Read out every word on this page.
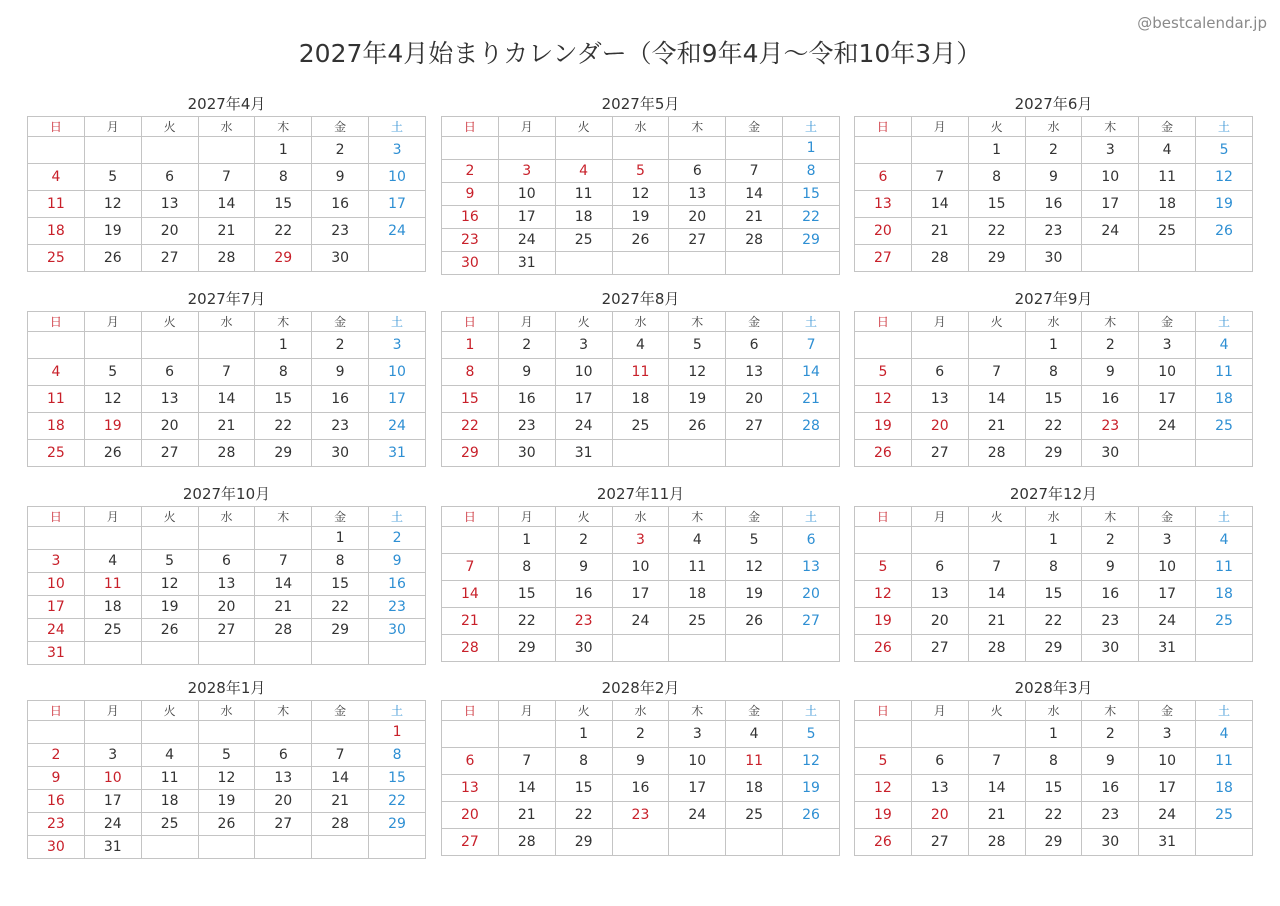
@bestcalendar.jp
2027年4月始まりカレンダー（令和9年4月〜令和10年3月）
2027年4月
日	月	火	水	木	金	土
				1	2	3
4	5	6	7	8	9	10
11	12	13	14	15	16	17
18	19	20	21	22	23	24
25	26	27	28	29	30	
2027年5月
日	月	火	水	木	金	土
						1
2	3	4	5	6	7	8
9	10	11	12	13	14	15
16	17	18	19	20	21	22
23	24	25	26	27	28	29
30	31					
2027年6月
日	月	火	水	木	金	土
		1	2	3	4	5
6	7	8	9	10	11	12
13	14	15	16	17	18	19
20	21	22	23	24	25	26
27	28	29	30			
2027年7月
日	月	火	水	木	金	土
				1	2	3
4	5	6	7	8	9	10
11	12	13	14	15	16	17
18	19	20	21	22	23	24
25	26	27	28	29	30	31
2027年8月
日	月	火	水	木	金	土
1	2	3	4	5	6	7
8	9	10	11	12	13	14
15	16	17	18	19	20	21
22	23	24	25	26	27	28
29	30	31				
2027年9月
日	月	火	水	木	金	土
			1	2	3	4
5	6	7	8	9	10	11
12	13	14	15	16	17	18
19	20	21	22	23	24	25
26	27	28	29	30		
2027年10月
日	月	火	水	木	金	土
					1	2
3	4	5	6	7	8	9
10	11	12	13	14	15	16
17	18	19	20	21	22	23
24	25	26	27	28	29	30
31						
2027年11月
日	月	火	水	木	金	土
	1	2	3	4	5	6
7	8	9	10	11	12	13
14	15	16	17	18	19	20
21	22	23	24	25	26	27
28	29	30				
2027年12月
日	月	火	水	木	金	土
			1	2	3	4
5	6	7	8	9	10	11
12	13	14	15	16	17	18
19	20	21	22	23	24	25
26	27	28	29	30	31	
2028年1月
日	月	火	水	木	金	土
						1
2	3	4	5	6	7	8
9	10	11	12	13	14	15
16	17	18	19	20	21	22
23	24	25	26	27	28	29
30	31					
2028年2月
日	月	火	水	木	金	土
		1	2	3	4	5
6	7	8	9	10	11	12
13	14	15	16	17	18	19
20	21	22	23	24	25	26
27	28	29				
2028年3月
日	月	火	水	木	金	土
			1	2	3	4
5	6	7	8	9	10	11
12	13	14	15	16	17	18
19	20	21	22	23	24	25
26	27	28	29	30	31	
